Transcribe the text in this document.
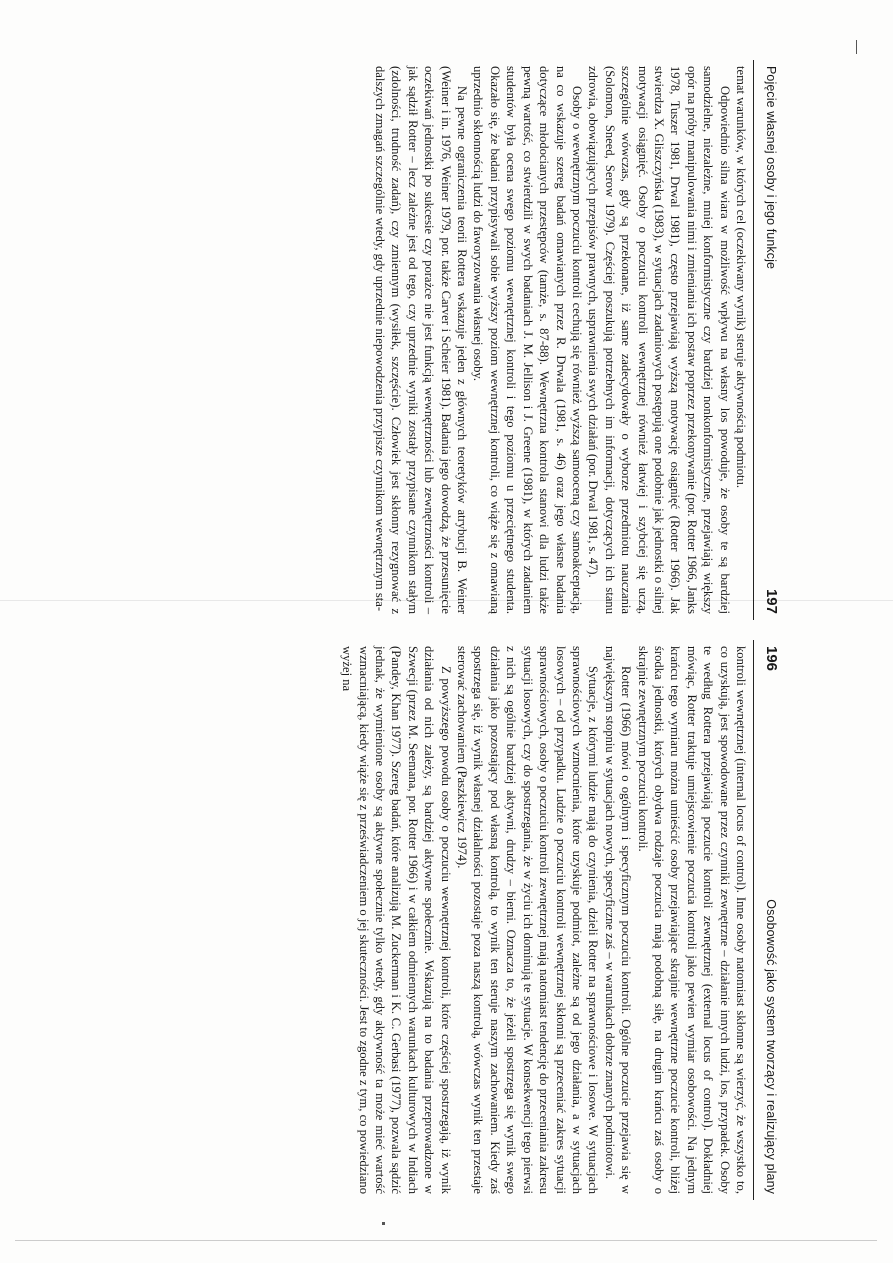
196
Osobowość jako system tworzący i realizujący plany

kontroli wewnętrznej (internal locus of control). Inne osoby natomiast skłonne są wierzyć, że wszystko to, co uzyskują, jest spowodowane przez czynniki zewnętrzne – działanie innych ludzi, los, przypadek. Osoby te według Rottera przejawiają poczucie kontroli zewnętrznej (external locus of control). Dokładniej mówiąc, Rotter traktuje umiejscowienie poczucia kontroli jako pewien wymiar osobowości. Na jednym krańcu tego wymiaru można umieścić osoby przejawiające skrajnie wewnętrzne poczucie kontroli, bliżej środka jednostki, których obydwa rodzaje poczucia mają podobną siłę, na drugim krańcu zaś osoby o skrajnie zewnętrznym poczuciu kontroli.

Rotter (1966) mówi o ogólnym i specyficznym poczuciu kontroli. Ogólne poczucie przejawia się w największym stopniu w sytuacjach nowych, specyficzne zaś – w warunkach dobrze znanych podmiotowi.

Sytuacje, z którymi ludzie mają do czynienia, dzieli Rotter na sprawnościowe i losowe. W sytuacjach sprawnościowych wzmocnienia, które uzyskuje podmiot, zależne są od jego działania, a w sytuacjach losowych – od przypadku. Ludzie o poczuciu kontroli wewnętrznej skłonni są przeceniać zakres sytuacji sprawnościowych, osoby o poczuciu kontroli zewnętrznej mają natomiast tendencję do przeceniania zakresu sytuacji losowych, czy do spostrzegania, że w życiu ich dominują te sytuacje. W konsekwencji tego pierwsi z nich są ogólnie bardziej aktywni, drudzy – bierni. Oznacza to, że jeżeli spostrzega się wynik swego działania jako pozostający pod własną kontrolą, to wynik ten steruje naszym zachowaniem. Kiedy zaś spostrzega się, iż wynik własnej działalności pozostaje poza naszą kontrolą, wówczas wynik ten przestaje sterować zachowaniem (Paszkiewicz 1974).

Z powyższego powodu osoby o poczuciu wewnętrznej kontroli, które częściej spostrzegają, iż wynik działania od nich zależy, są bardziej aktywne społecznie. Wskazują na to badania przeprowadzone w Szwecji (przez M. Seemana, por. Rotter 1966) i w całkiem odmiennych warunkach kulturowych w Indiach (Pandey, Khan 1977). Szereg badań, które analizują M. Zuckerman i K. C. Gerbasi (1977), pozwala sądzić jednak, że wymienione osoby są aktywne społecznie tylko wtedy, gdy aktywność ta może mieć wartość wzmacniającą, kiedy wiąże się z przeświadczeniem o jej skuteczności. Jest to zgodne z tym, co powiedziano wyżej na

Pojęcie własnej osoby i jego funkcje
197

temat warunków, w których cel (oczekiwany wynik) steruje aktywnością podmiotu.

Odpowiednio silna wiara w możliwość wpływu na własny los powoduje, że osoby te są bardziej samodzielne, niezależne, mniej konformistyczne czy bardziej nonkonformistyczne, przejawiają większy opór na próby manipulowania nimi i zmieniania ich postaw poprzez przekonywanie (por. Rotter 1966, Janks 1978, Tuszer 1981, Drwal 1981), często przejawiają wyższą motywację osiągnięć (Rotter 1966). Jak stwierdza X. Gliszczyńska (1983), w sytuacjach zadaniowych postępują one podobnie jak jednostki o silnej motywacji osiągnięć. Osoby o poczuciu kontroli wewnętrznej również łatwiej i szybciej się uczą, szczególnie wówczas, gdy są przekonane, iż same zadecydowały o wyborze przedmiotu nauczania (Solomon, Sneed, Serow 1979). Częściej poszukują potrzebnych im informacji, dotyczących ich stanu zdrowia, obowiązujących przepisów prawnych, usprawnienia swych działań (por. Drwal 1981, s. 47).

Osoby o wewnętrznym poczuciu kontroli cechują się również wyższą samooceną czy samoakceptacją, na co wskazuje szereg badań omawianych przez R. Drwala (1981, s. 46) oraz jego własne badania dotyczące młodocianych przestępców (tamże, s. 87-88). Wewnętrzna kontrola stanowi dla ludzi także pewną wartość, co stwierdzili w swych badaniach J. M. Jellison i J. Greene (1981), w których zadaniem studentów była ocena swego poziomu wewnętrznej kontroli i tego poziomu u przeciętnego studenta. Okazało się, że badani przypisywali sobie wyższy poziom wewnętrznej kontroli, co wiąże się z omawianą uprzednio skłonnością ludzi do faworyzowania własnej osoby.

Na pewne ograniczenia teorii Rottera wskazuje jeden z głównych teoretyków atrybucji B. Weiner (Weiner i in. 1976, Weiner 1979, por. także Carver i Scheier 1981). Badania jego dowodzą, że przesunięcie oczekiwań jednostki po sukcesie czy porażce nie jest funkcją wewnętrzności lub zewnętrzności kontroli – jak sądził Rotter – lecz zależne jest od tego, czy uprzednie wyniki zostały przypisane czynnikom stałym (zdolności, trudność zadań), czy zmiennym (wysiłek, szczęście). Człowiek jest skłonny rezygnować z dalszych zmagań szczególnie wtedy, gdy uprzednie niepowodzenia przypisze czynnikom wewnętrznym sta-
